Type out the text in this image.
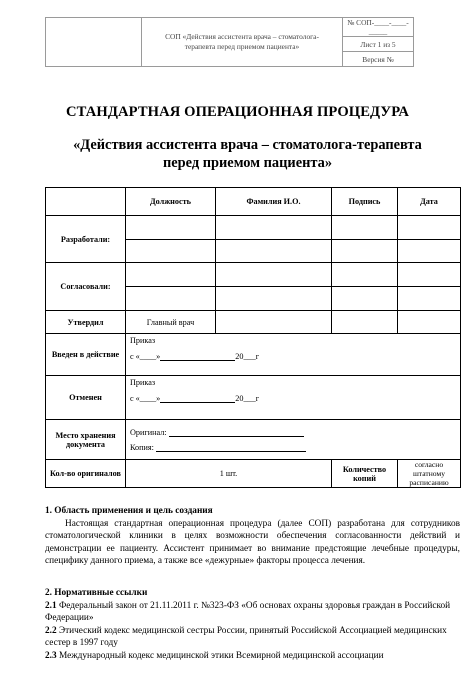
	СОП «Действия ассистента врача – стоматолога-
терапевта перед приемом пациента»	№ СОП-____-____-_____
Лист 1 из 5
Версия №
СТАНДАРТНАЯ ОПЕРАЦИОННАЯ ПРОЦЕДУРА
«Действия ассистента врача – стоматолога-терапевта
перед приемом пациента»
	Должность	Фамилия И.О.	Подпись	Дата
Разработали:				

Согласовали:				

Утвердил	Главный врач			
Введен в действие	Приказ
с «____» 20___г			

Отменен	Приказ
с «____» 20___г			

Место хранения документа	Оригинал:
Копия:			

Кол-во оригиналов	1 шт.		Количество копий	согласно штатному расписанию
1. Область применения и цель создания

Настоящая стандартная операционная процедура (далее СОП) разработана для сотрудников стоматологической клиники в целях возможности обеспечения согласованности действий и демонстрации ее пациенту. Ассистент принимает во внимание предстоящие лечебные процедуры, специфику данного приема, а также все «дежурные» факторы процесса лечения.

2. Нормативные ссылки

2.1 Федеральный закон от 21.11.2011 г. №323-ФЗ «Об основах охраны здоровья граждан в Российской Федерации»

2.2 Этический кодекс медицинской сестры России, принятый Российской Ассоциацией медицинских сестер в 1997 году

2.3 Международный кодекс медицинской этики Всемирной медицинской ассоциации
